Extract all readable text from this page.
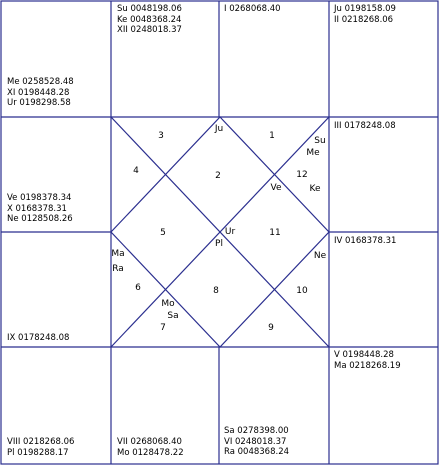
Su 0048198.06
Ke 0048368.24
XII 0248018.37
I 0268068.40	Ju 0198158.09
II 0218268.06
Me 0258528.48
XI 0198448.28
Ur 0198298.58
III 0178248.08
Ve 0198378.34
X 0168378.31
Ne 0128508.26
IV 0168378.31
IX 0178248.08
V 0198448.28
Ma 0218268.19
VIII 0218268.06
Pl 0198288.17
VII 0268068.40
Mo 0128478.22
Sa 0278398.00
VI 0248018.37
Ra 0048368.24
1
2
3
4
5
6
7
8
9
10
11
12
Ju
Su
Me
Ve	Ke
Ur
Pl
Ne
Ma
Ra
Mo
Sa
